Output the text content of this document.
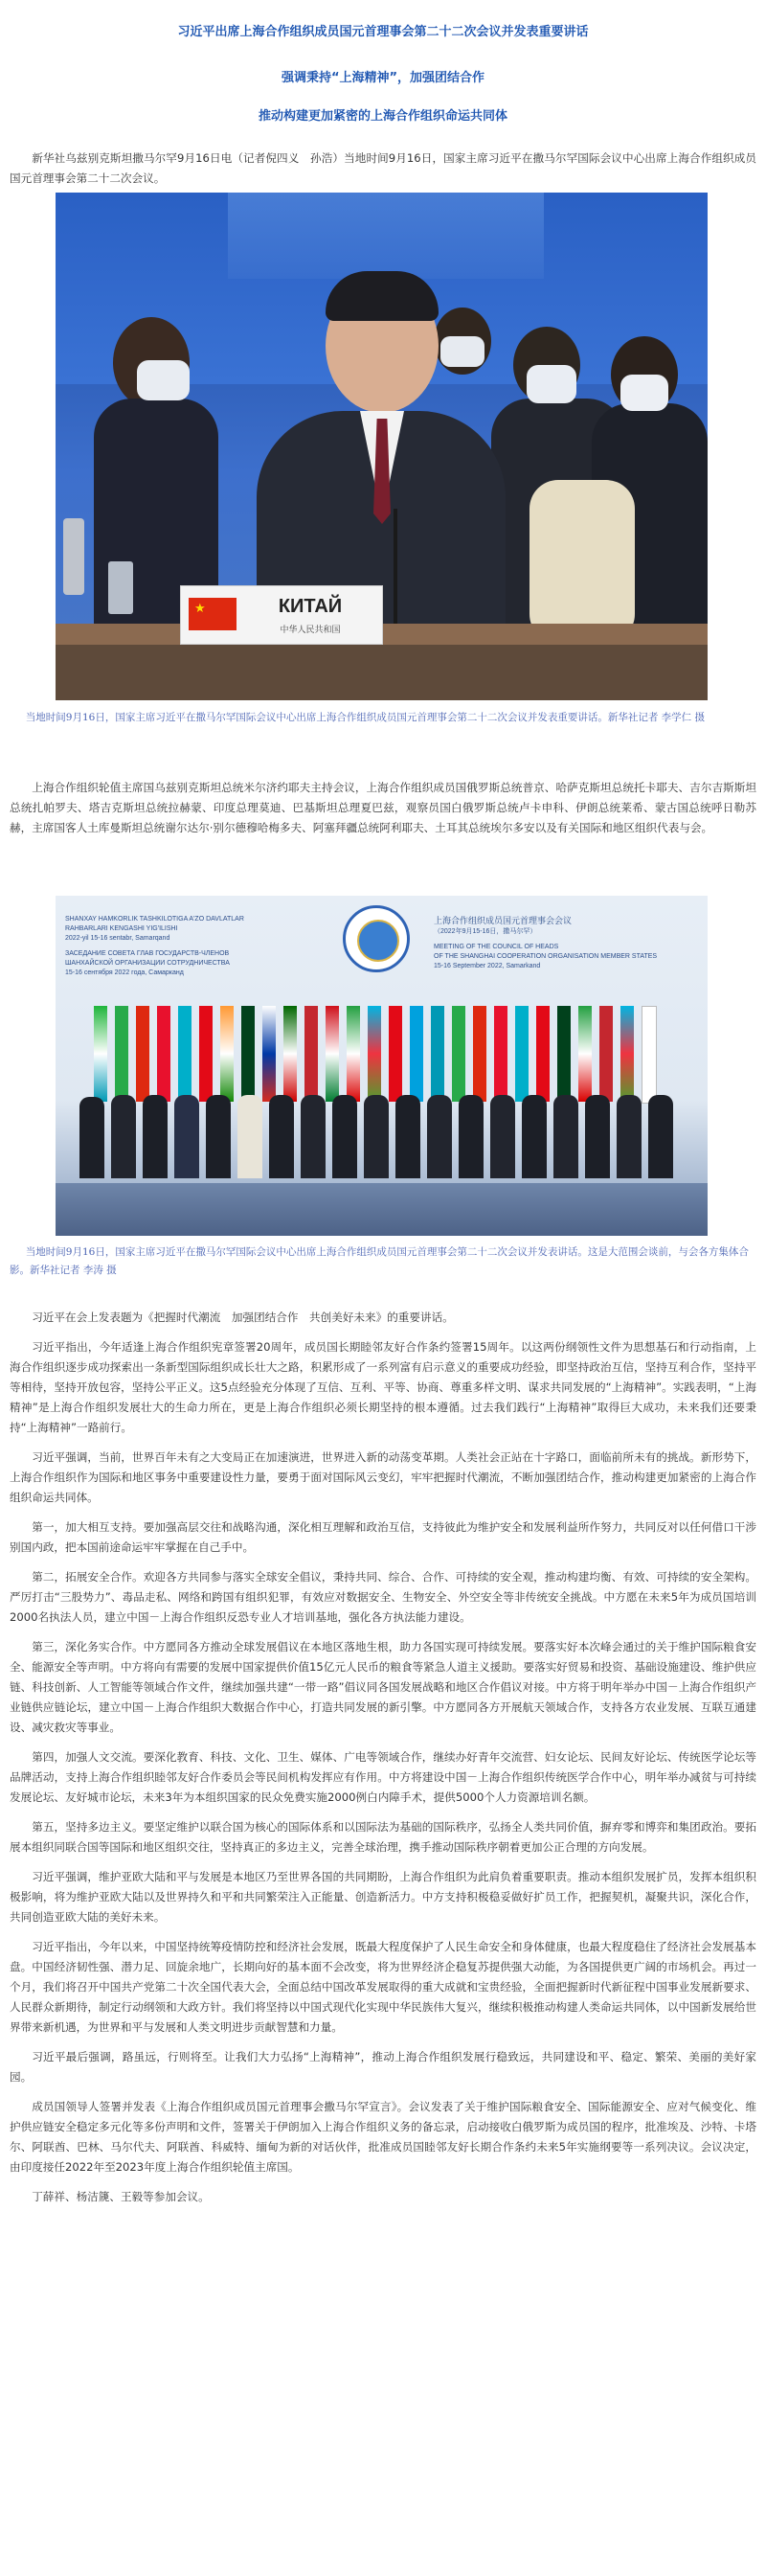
习近平出席上海合作组织成员国元首理事会第二十二次会议并发表重要讲话
强调秉持“上海精神”，加强团结合作
推动构建更加紧密的上海合作组织命运共同体
新华社乌兹别克斯坦撒马尔罕9月16日电（记者倪四义　孙浩）当地时间9月16日，国家主席习近平在撒马尔罕国际会议中心出席上海合作组织成员国元首理事会第二十二次会议。
★	КИТАЙ
中华人民共和国
当地时间9月16日，国家主席习近平在撒马尔罕国际会议中心出席上海合作组织成员国元首理事会第二十二次会议并发表重要讲话。新华社记者 李学仁 摄
上海合作组织轮值主席国乌兹别克斯坦总统米尔济约耶夫主持会议，上海合作组织成员国俄罗斯总统普京、哈萨克斯坦总统托卡耶夫、吉尔吉斯斯坦总统扎帕罗夫、塔吉克斯坦总统拉赫蒙、印度总理莫迪、巴基斯坦总理夏巴兹，观察员国白俄罗斯总统卢卡申科、伊朗总统莱希、蒙古国总统呼日勒苏赫，主席国客人土库曼斯坦总统谢尔达尔·别尔德穆哈梅多夫、阿塞拜疆总统阿利耶夫、土耳其总统埃尔多安以及有关国际和地区组织代表与会。
SHANXAY HAMKORLIK TASHKILOTIGA A'ZO DAVLATLAR
RAHBARLARI KENGASHI YIG'ILISHI
2022-yil 15-16 sentabr, Samarqand
ЗАСЕДАНИЕ СОВЕТА ГЛАВ ГОСУДАРСТВ-ЧЛЕНОВ
ШАНХАЙСКОЙ ОРГАНИЗАЦИИ СОТРУДНИЧЕСТВА
15-16 сентября 2022 года, Самарканд
上海合作组织成员国元首理事会会议
（2022年9月15-16日，撒马尔罕）
MEETING OF THE COUNCIL OF HEADS
OF THE SHANGHAI COOPERATION ORGANISATION MEMBER STATES
15-16 September 2022, Samarkand
当地时间9月16日，国家主席习近平在撒马尔罕国际会议中心出席上海合作组织成员国元首理事会第二十二次会议并发表讲话。这是大范围会谈前，与会各方集体合影。新华社记者 李涛 摄
习近平在会上发表题为《把握时代潮流　加强团结合作　共创美好未来》的重要讲话。
习近平指出，今年适逢上海合作组织宪章签署20周年，成员国长期睦邻友好合作条约签署15周年。以这两份纲领性文件为思想基石和行动指南，上海合作组织逐步成功探索出一条新型国际组织成长壮大之路，积累形成了一系列富有启示意义的重要成功经验，即坚持政治互信，坚持互利合作，坚持平等相待，坚持开放包容，坚持公平正义。这5点经验充分体现了互信、互利、平等、协商、尊重多样文明、谋求共同发展的“上海精神”。实践表明，“上海精神”是上海合作组织发展壮大的生命力所在，更是上海合作组织必须长期坚持的根本遵循。过去我们践行“上海精神”取得巨大成功，未来我们还要秉持“上海精神”一路前行。
习近平强调，当前，世界百年未有之大变局正在加速演进，世界进入新的动荡变革期。人类社会正站在十字路口，面临前所未有的挑战。新形势下，上海合作组织作为国际和地区事务中重要建设性力量，要勇于面对国际风云变幻，牢牢把握时代潮流，不断加强团结合作，推动构建更加紧密的上海合作组织命运共同体。
第一，加大相互支持。要加强高层交往和战略沟通，深化相互理解和政治互信，支持彼此为维护安全和发展利益所作努力，共同反对以任何借口干涉别国内政，把本国前途命运牢牢掌握在自己手中。
第二，拓展安全合作。欢迎各方共同参与落实全球安全倡议，秉持共同、综合、合作、可持续的安全观，推动构建均衡、有效、可持续的安全架构。严厉打击“三股势力”、毒品走私、网络和跨国有组织犯罪，有效应对数据安全、生物安全、外空安全等非传统安全挑战。中方愿在未来5年为成员国培训2000名执法人员，建立中国－上海合作组织反恐专业人才培训基地，强化各方执法能力建设。
第三，深化务实合作。中方愿同各方推动全球发展倡议在本地区落地生根，助力各国实现可持续发展。要落实好本次峰会通过的关于维护国际粮食安全、能源安全等声明。中方将向有需要的发展中国家提供价值15亿元人民币的粮食等紧急人道主义援助。要落实好贸易和投资、基础设施建设、维护供应链、科技创新、人工智能等领域合作文件，继续加强共建“一带一路”倡议同各国发展战略和地区合作倡议对接。中方将于明年举办中国－上海合作组织产业链供应链论坛，建立中国－上海合作组织大数据合作中心，打造共同发展的新引擎。中方愿同各方开展航天领域合作，支持各方农业发展、互联互通建设、减灾救灾等事业。
第四，加强人文交流。要深化教育、科技、文化、卫生、媒体、广电等领域合作，继续办好青年交流营、妇女论坛、民间友好论坛、传统医学论坛等品牌活动，支持上海合作组织睦邻友好合作委员会等民间机构发挥应有作用。中方将建设中国－上海合作组织传统医学合作中心，明年举办减贫与可持续发展论坛、友好城市论坛，未来3年为本组织国家的民众免费实施2000例白内障手术，提供5000个人力资源培训名额。
第五，坚持多边主义。要坚定维护以联合国为核心的国际体系和以国际法为基础的国际秩序，弘扬全人类共同价值，摒弃零和博弈和集团政治。要拓展本组织同联合国等国际和地区组织交往，坚持真正的多边主义，完善全球治理，携手推动国际秩序朝着更加公正合理的方向发展。
习近平强调，维护亚欧大陆和平与发展是本地区乃至世界各国的共同期盼，上海合作组织为此肩负着重要职责。推动本组织发展扩员，发挥本组织积极影响，将为维护亚欧大陆以及世界持久和平和共同繁荣注入正能量、创造新活力。中方支持积极稳妥做好扩员工作，把握契机，凝聚共识，深化合作，共同创造亚欧大陆的美好未来。
习近平指出，今年以来，中国坚持统筹疫情防控和经济社会发展，既最大程度保护了人民生命安全和身体健康，也最大程度稳住了经济社会发展基本盘。中国经济韧性强、潜力足、回旋余地广，长期向好的基本面不会改变，将为世界经济企稳复苏提供强大动能，为各国提供更广阔的市场机会。再过一个月，我们将召开中国共产党第二十次全国代表大会，全面总结中国改革发展取得的重大成就和宝贵经验，全面把握新时代新征程中国事业发展新要求、人民群众新期待，制定行动纲领和大政方针。我们将坚持以中国式现代化实现中华民族伟大复兴，继续积极推动构建人类命运共同体，以中国新发展给世界带来新机遇，为世界和平与发展和人类文明进步贡献智慧和力量。
习近平最后强调，路虽远，行则将至。让我们大力弘扬“上海精神”，推动上海合作组织发展行稳致远，共同建设和平、稳定、繁荣、美丽的美好家园。
成员国领导人签署并发表《上海合作组织成员国元首理事会撒马尔罕宣言》。会议发表了关于维护国际粮食安全、国际能源安全、应对气候变化、维护供应链安全稳定多元化等多份声明和文件，签署关于伊朗加入上海合作组织义务的备忘录，启动接收白俄罗斯为成员国的程序，批准埃及、沙特、卡塔尔、阿联酋、巴林、马尔代夫、阿联酋、科威特、缅甸为新的对话伙伴，批准成员国睦邻友好长期合作条约未来5年实施纲要等一系列决议。会议决定，由印度接任2022年至2023年度上海合作组织轮值主席国。
丁薛祥、杨洁篪、王毅等参加会议。
